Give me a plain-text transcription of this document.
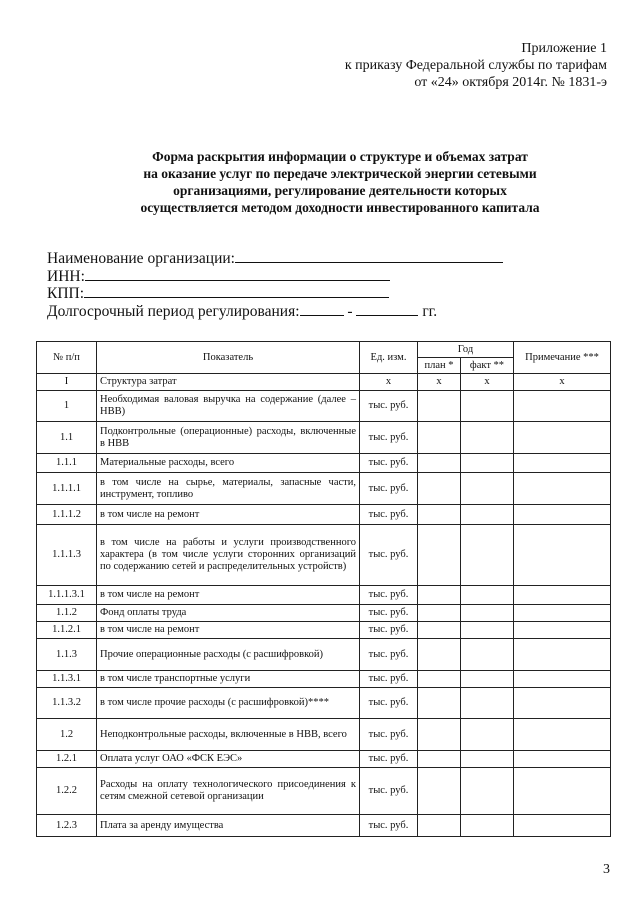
Приложение 1
к приказу Федеральной службы по тарифам
от «24» октября 2014г. № 1831-э
Форма раскрытия информации о структуре и объемах затрат
на оказание услуг по передаче электрической энергии сетевыми
организациями, регулирование деятельности которых
осуществляется методом доходности инвестированного капитала
Наименование организации:
ИНН:
КПП:
Долгосрочный период регулирования:	-	гг.
№ п/п	Показатель	Ед. изм.	Год		Примечание ***
			план *	факт **	
I	Структура затрат	x	x	x	x
1	Необходимая валовая выручка на содержание (далее – НВВ)	тыс. руб.			
1.1	Подконтрольные (операционные) расходы, включенные в НВВ	тыс. руб.			
1.1.1	Материальные расходы, всего	тыс. руб.			
1.1.1.1	в том числе на сырье, материалы, запасные части, инструмент, топливо	тыс. руб.			
1.1.1.2	в том числе на ремонт	тыс. руб.			
1.1.1.3	в том числе на работы и услуги производственного характера (в том числе услуги сторонних организаций по содержанию сетей и распределительных устройств)	тыс. руб.			
1.1.1.3.1	в том числе на ремонт	тыс. руб.			
1.1.2	Фонд оплаты труда	тыс. руб.			
1.1.2.1	в том числе на ремонт	тыс. руб.			
1.1.3	Прочие операционные расходы (с расшифровкой)	тыс. руб.			
1.1.3.1	в том числе транспортные услуги	тыс. руб.			
1.1.3.2	в том числе прочие расходы (с расшифровкой)****	тыс. руб.			
1.2	Неподконтрольные расходы, включенные в НВВ, всего	тыс. руб.			
1.2.1	Оплата услуг ОАО «ФСК ЕЭС»	тыс. руб.			
1.2.2	Расходы на оплату технологического присоединения к сетям смежной сетевой организации	тыс. руб.			
1.2.3	Плата за аренду имущества	тыс. руб.			
3
